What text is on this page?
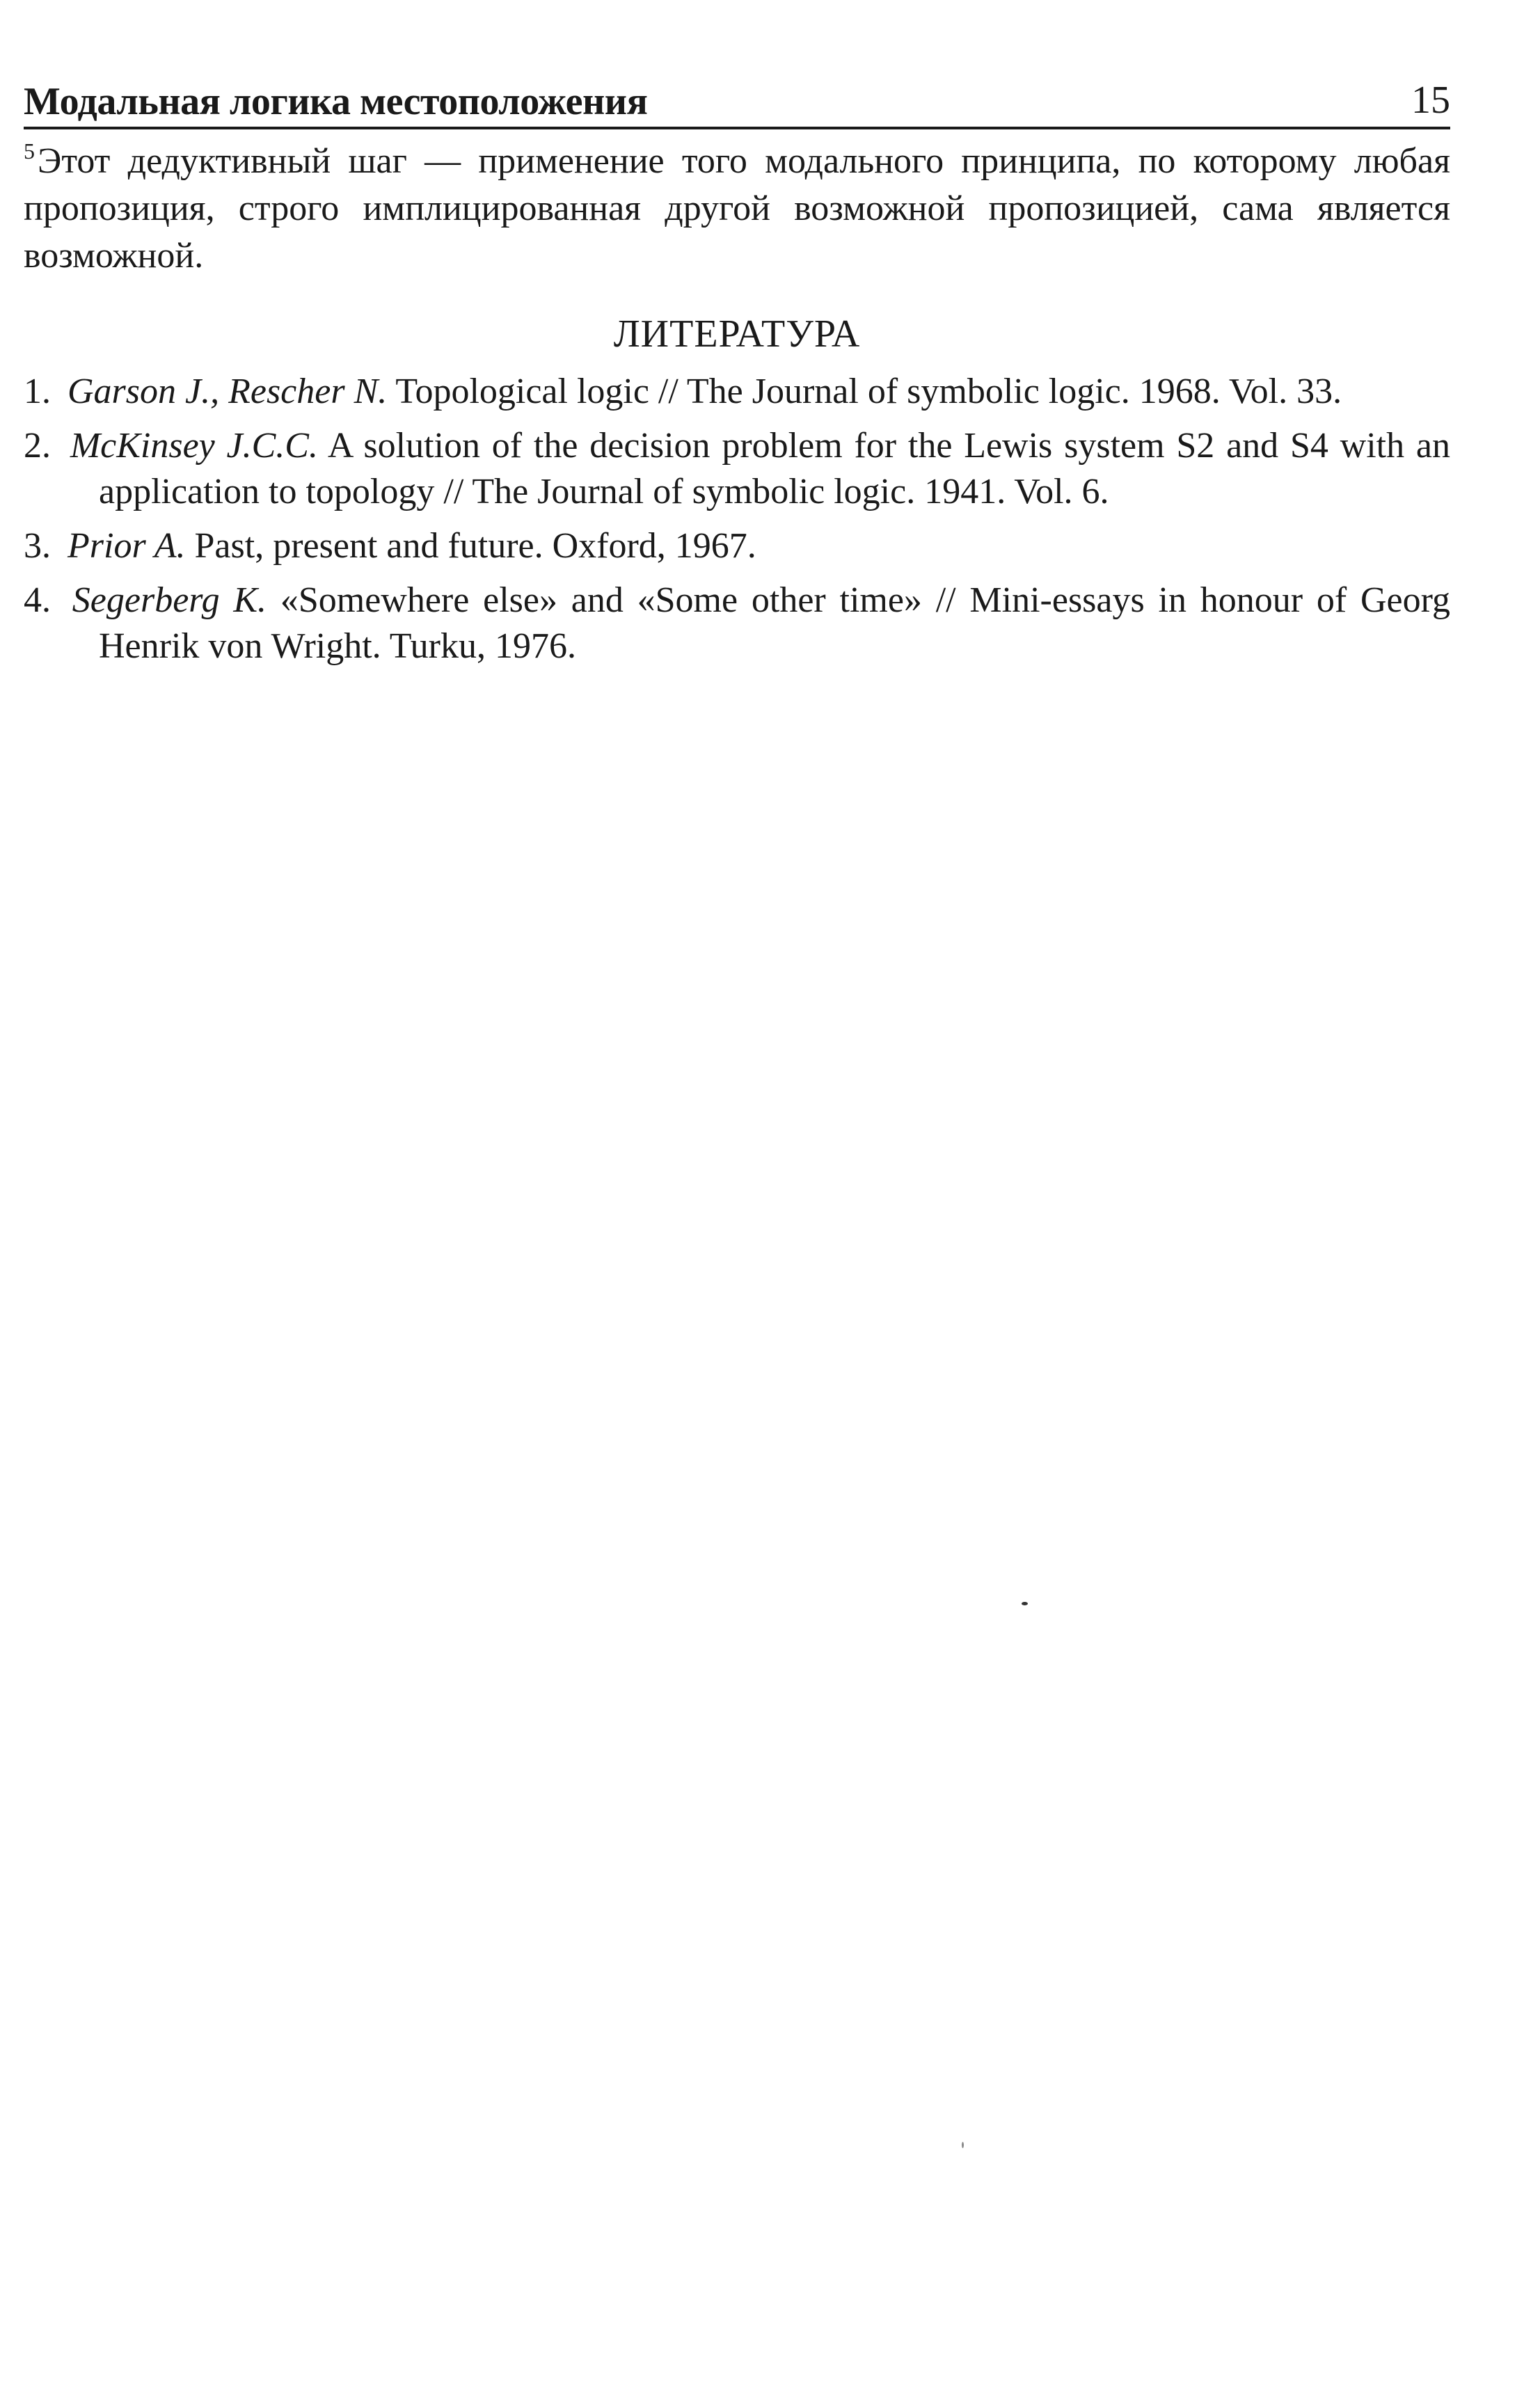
Модальная логика местоположения	15
$^5$Этот дедуктивный шаг — применение того модального принципа, по которому любая пропозиция, строго имплицированная другой возможной пропозицией, сама является возможной.
ЛИТЕРАТУРА
1. Garson J., Rescher N. Topological logic // The Journal of symbolic logic. 1968. Vol. 33.
2. McKinsey J.C.C. A solution of the decision problem for the Lewis system S2 and S4 with an application to topology // The Journal of symbolic logic. 1941. Vol. 6.
3. Prior A. Past, present and future. Oxford, 1967.
4. Segerberg K. «Somewhere else» and «Some other time» // Mini-essays in honour of Georg Henrik von Wright. Turku, 1976.
